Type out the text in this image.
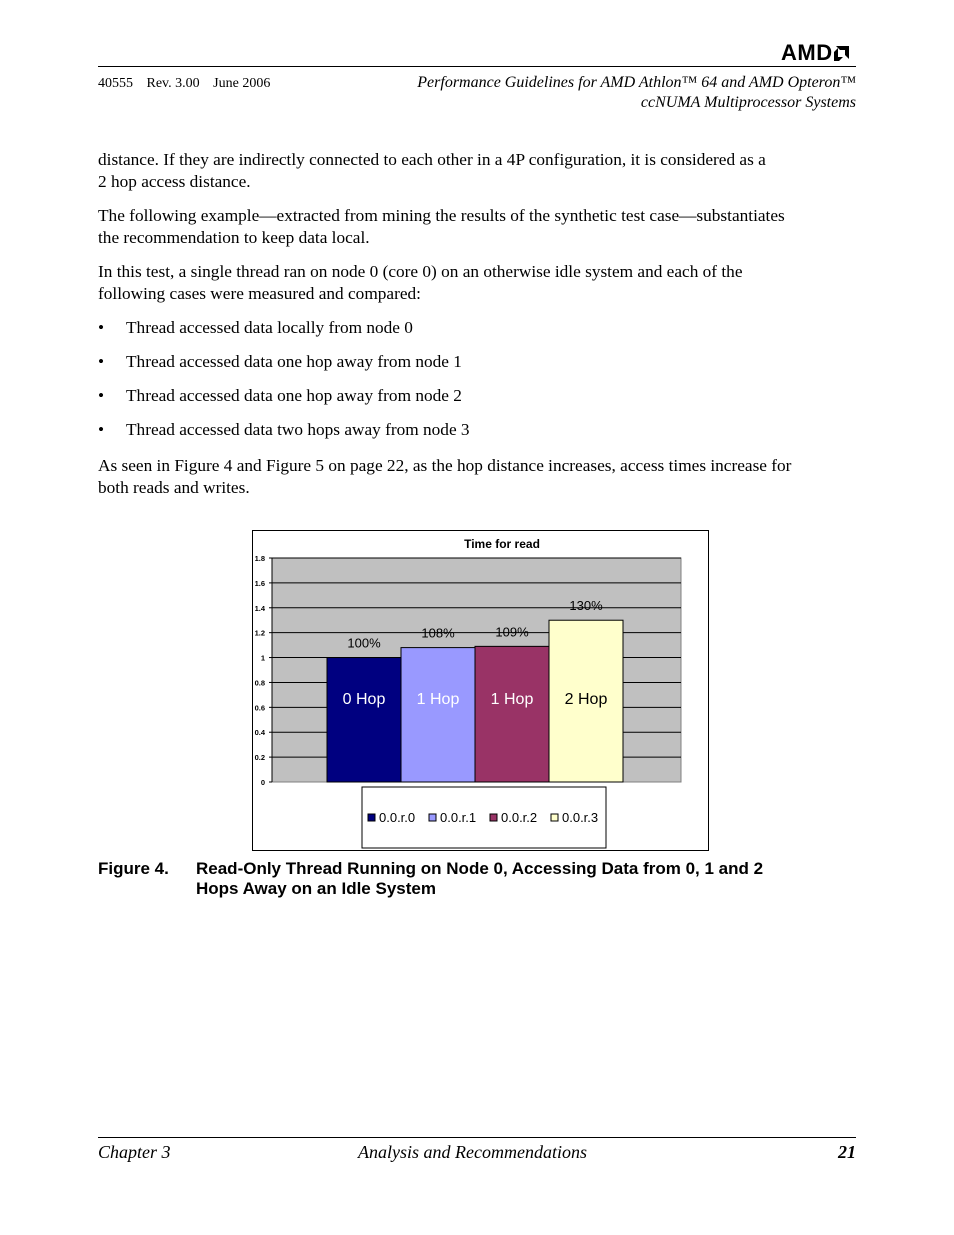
AMD
40555 Rev. 3.00 June 2006	Performance Guidelines for AMD Athlon™ 64 and AMD Opteron™
ccNUMA Multiprocessor Systems
distance. If they are indirectly connected to each other in a 4P configuration, it is considered as a
2 hop access distance.
The following example—extracted from mining the results of the synthetic test case—substantiates
the recommendation to keep data local.
In this test, a single thread ran on node 0 (core 0) on an otherwise idle system and each of the
following cases were measured and compared:
• Thread accessed data locally from node 0
• Thread accessed data one hop away from node 1
• Thread accessed data one hop away from node 2
• Thread accessed data two hops away from node 3
As seen in Figure 4 and Figure 5 on page 22, as the hop distance increases, access times increase for
both reads and writes.
Time for read
0
0.2
0.4
0.6
0.8
1
1.2
1.4
1.6
1.8
100%
0 Hop
108%
1 Hop
109%
1 Hop
130%
2 Hop
0.0.r.0 0.0.r.1 0.0.r.2 0.0.r.3
Figure 4. Read-Only Thread Running on Node 0, Accessing Data from 0, 1 and 2
Hops Away on an Idle System
Chapter 3	Analysis and Recommendations	21
